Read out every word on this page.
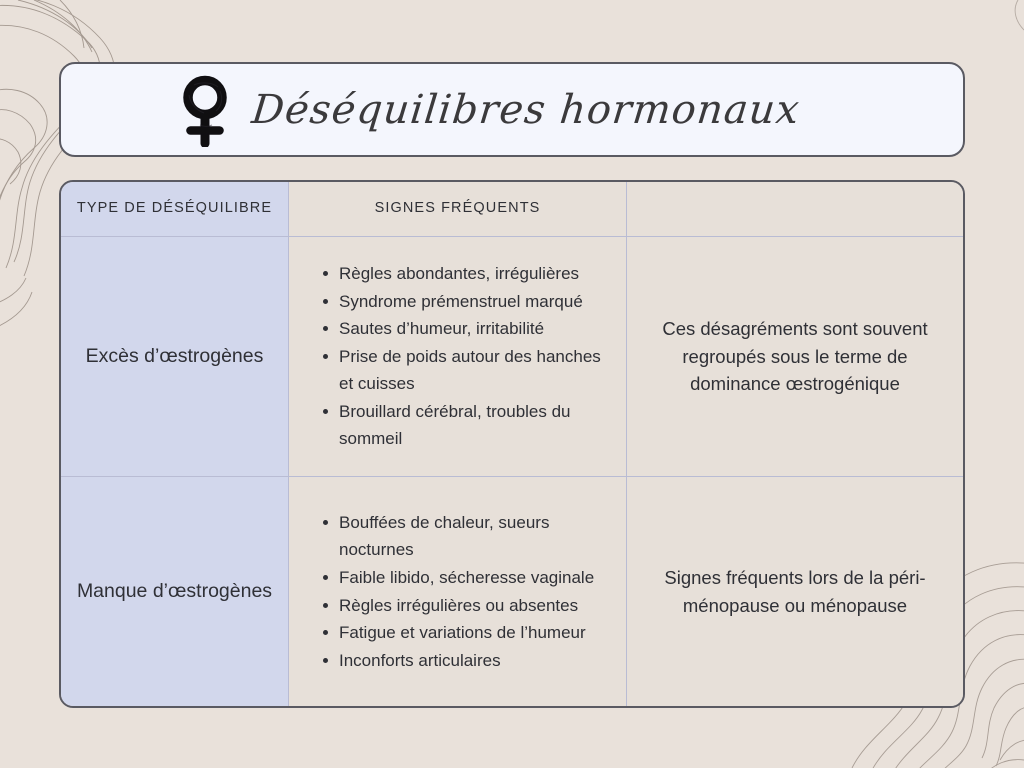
Déséquilibres hormonaux
TYPE DE DÉSÉQUILIBRE	SIGNES FRÉQUENTS
Excès d’œstrogènes
Règles abondantes, irrégulières
Syndrome prémenstruel marqué
Sautes d’humeur, irritabilité
Prise de poids autour des hanches et cuisses
Brouillard cérébral, troubles du sommeil
Ces désagréments sont souvent regroupés sous le terme de dominance œstrogénique
Manque d’œstrogènes
Bouffées de chaleur, sueurs nocturnes
Faible libido, sécheresse vaginale
Règles irrégulières ou absentes
Fatigue et variations de l’humeur
Inconforts articulaires
Signes fréquents lors de la péri-ménopause ou ménopause
